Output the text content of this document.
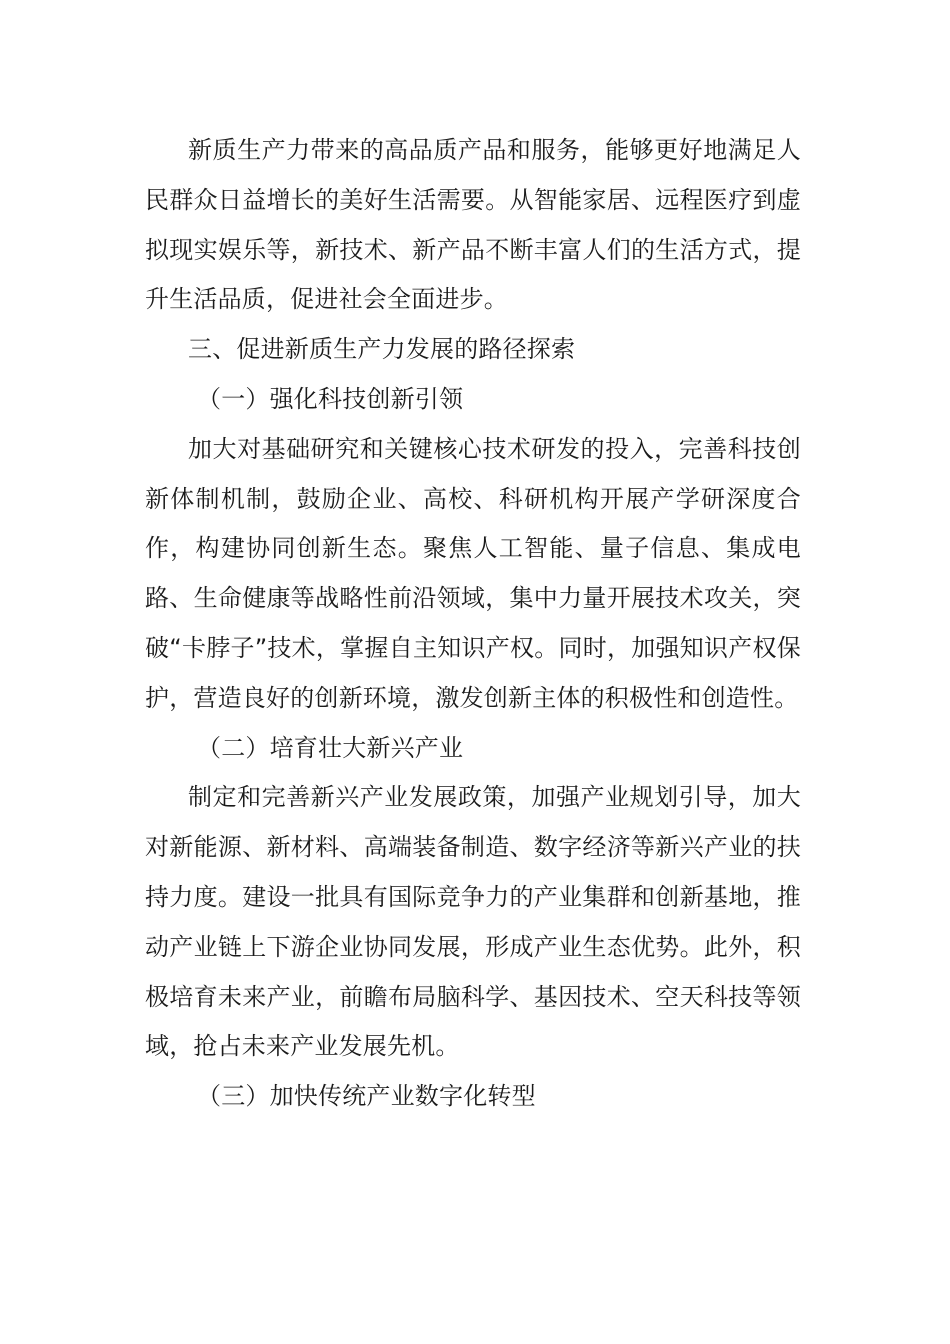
新质生产力带来的高品质产品和服务，能够更好地满足人民群众日益增长的美好生活需要。从智能家居、远程医疗到虚拟现实娱乐等，新技术、新产品不断丰富人们的生活方式，提升生活品质，促进社会全面进步。

三、促进新质生产力发展的路径探索

（一）强化科技创新引领

加大对基础研究和关键核心技术研发的投入，完善科技创新体制机制，鼓励企业、高校、科研机构开展产学研深度合作，构建协同创新生态。聚焦人工智能、量子信息、集成电路、生命健康等战略性前沿领域，集中力量开展技术攻关，突破“卡脖子”技术，掌握自主知识产权。同时，加强知识产权保护，营造良好的创新环境，激发创新主体的积极性和创造性。

（二）培育壮大新兴产业

制定和完善新兴产业发展政策，加强产业规划引导，加大对新能源、新材料、高端装备制造、数字经济等新兴产业的扶持力度。建设一批具有国际竞争力的产业集群和创新基地，推动产业链上下游企业协同发展，形成产业生态优势。此外，积极培育未来产业，前瞻布局脑科学、基因技术、空天科技等领域，抢占未来产业发展先机。

（三）加快传统产业数字化转型
